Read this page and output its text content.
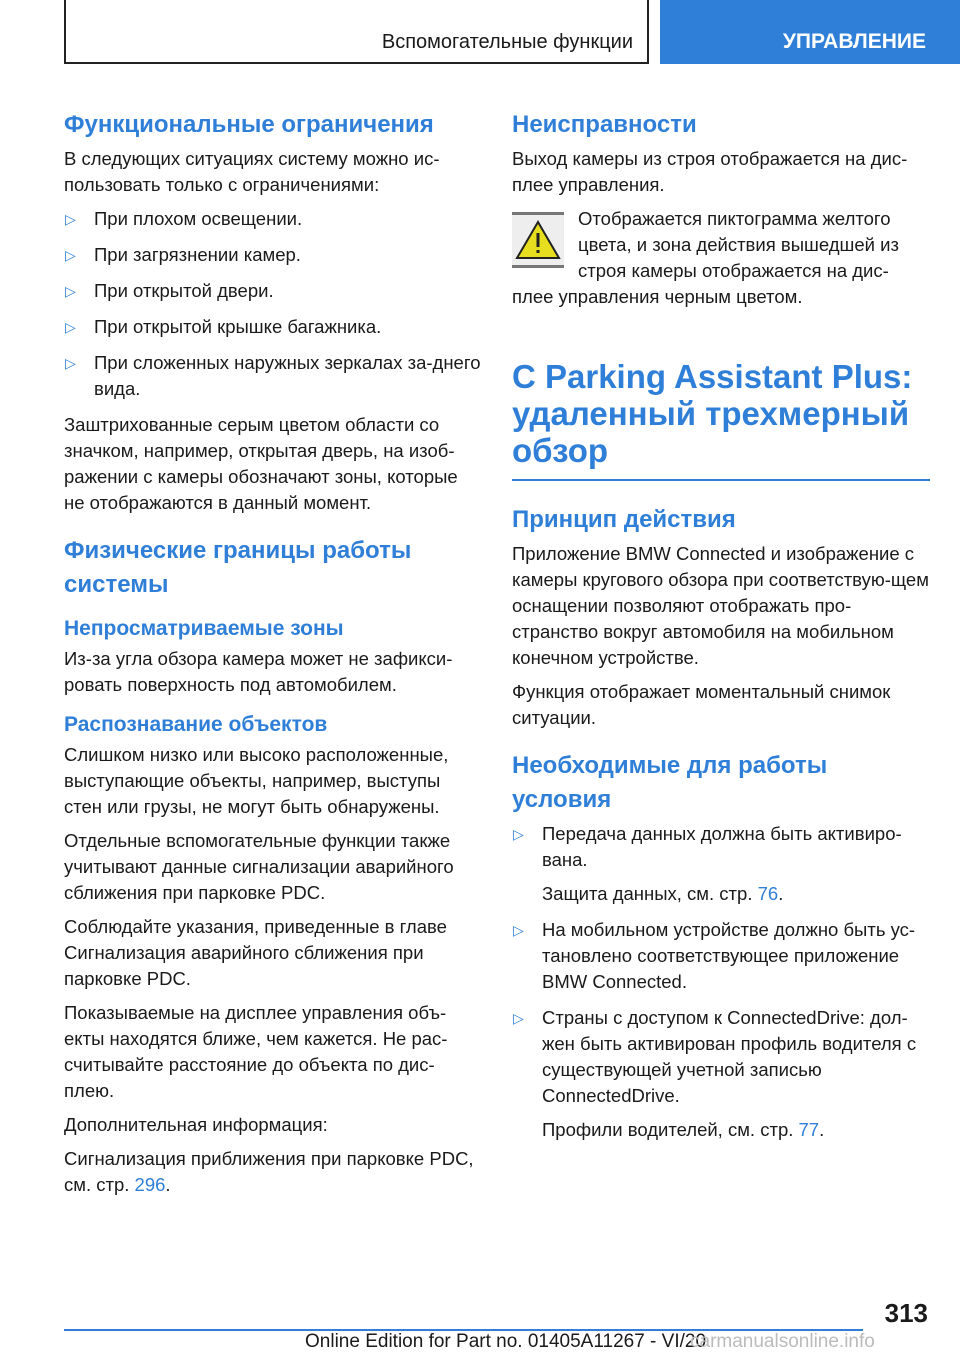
Вспомогательные функции	УПРАВЛЕНИЕ
Функциональные ограничения

В следующих ситуациях систему можно ис-пользовать только с ограничениями:

▷ При плохом освещении.
▷ При загрязнении камер.
▷ При открытой двери.
▷ При открытой крышке багажника.
▷ При сложенных наружных зеркалах за-днего вида.

Заштрихованные серым цветом области со значком, например, открытая дверь, на изоб-ражении с камеры обозначают зоны, которые не отображаются в данный момент.

Физические границы работы системы
Непросматриваемые зоны

Из-за угла обзора камера может не зафикси-ровать поверхность под автомобилем.

Распознавание объектов

Слишком низко или высоко расположенные, выступающие объекты, например, выступы стен или грузы, не могут быть обнаружены.

Отдельные вспомогательные функции также учитывают данные сигнализации аварийного сближения при парковке PDC.

Соблюдайте указания, приведенные в главе Сигнализация аварийного сближения при парковке PDC.

Показываемые на дисплее управления объ-екты находятся ближе, чем кажется. Не рас-считывайте расстояние до объекта по дис-плею.

Дополнительная информация:

Сигнализация приближения при парковке PDC, см. стр. 296.

Неисправности

Выход камеры из строя отображается на дис-плее управления.

Отображается пиктограмма желтого цвета, и зона действия вышедшей из строя камеры отображается на дис-плее управления черным цветом.

С Parking Assistant Plus: удаленный трехмерный обзор
Принцип действия

Приложение BMW Connected и изображение с камеры кругового обзора при соответствую-щем оснащении позволяют отображать про-странство вокруг автомобиля на мобильном конечном устройстве.

Функция отображает моментальный снимок ситуации.

Необходимые для работы условия
▷ Передача данных должна быть активиро-вана.
Защита данных, см. стр. 76.
▷ На мобильном устройстве должно быть ус-тановлено соответствующее приложение BMW Connected.
▷ Страны с доступом к ConnectedDrive: дол-жен быть активирован профиль водителя с существующей учетной записью ConnectedDrive.
Профили водителей, см. стр. 77.
313
Online Edition for Part no. 01405A11267 - VI/20
carmanualsonline.info
